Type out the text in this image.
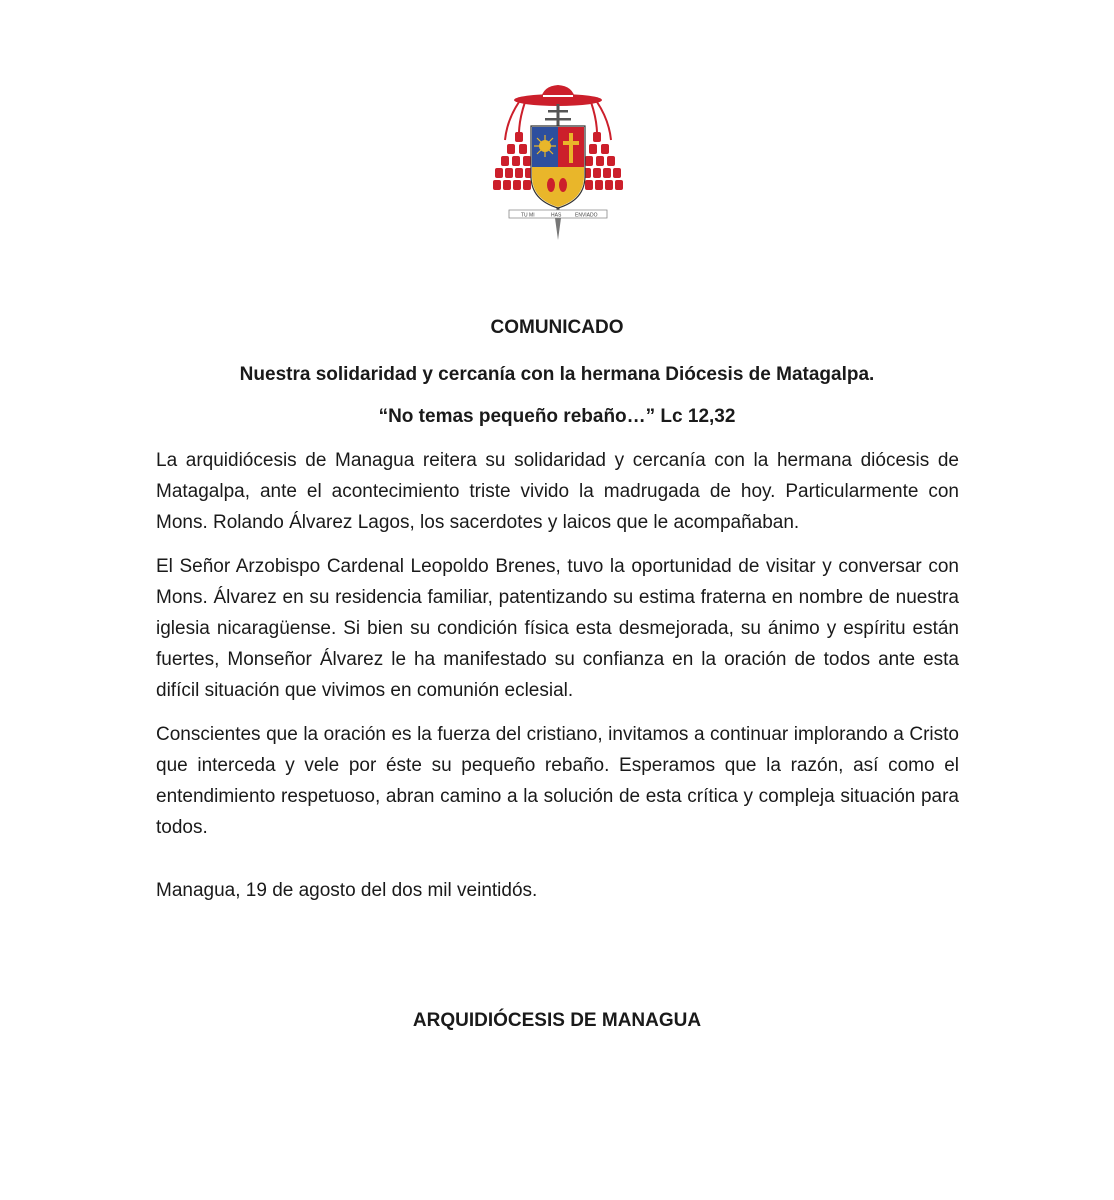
TU MI	HAS	ENVIADO
COMUNICADO
Nuestra solidaridad y cercanía con la hermana Diócesis de Matagalpa.
“No temas pequeño rebaño…” Lc 12,32

La arquidiócesis de Managua reitera su solidaridad y cercanía con la hermana diócesis de Matagalpa, ante el acontecimiento triste vivido la madrugada de hoy. Particularmente con Mons. Rolando Álvarez Lagos, los sacerdotes y laicos que le acompañaban.

El Señor Arzobispo Cardenal Leopoldo Brenes, tuvo la oportunidad de visitar y conversar con Mons. Álvarez en su residencia familiar, patentizando su estima fraterna en nombre de nuestra iglesia nicaragüense. Si bien su condición física esta desmejorada, su ánimo y espíritu están fuertes, Monseñor Álvarez le ha manifestado su confianza en la oración de todos ante esta difícil situación que vivimos en comunión eclesial.

Conscientes que la oración es la fuerza del cristiano, invitamos a continuar implorando a Cristo que interceda y vele por éste su pequeño rebaño. Esperamos que la razón, así como el entendimiento respetuoso, abran camino a la solución de esta crítica y compleja situación para todos.

Managua, 19 de agosto del dos mil veintidós.

ARQUIDIÓCESIS DE MANAGUA
